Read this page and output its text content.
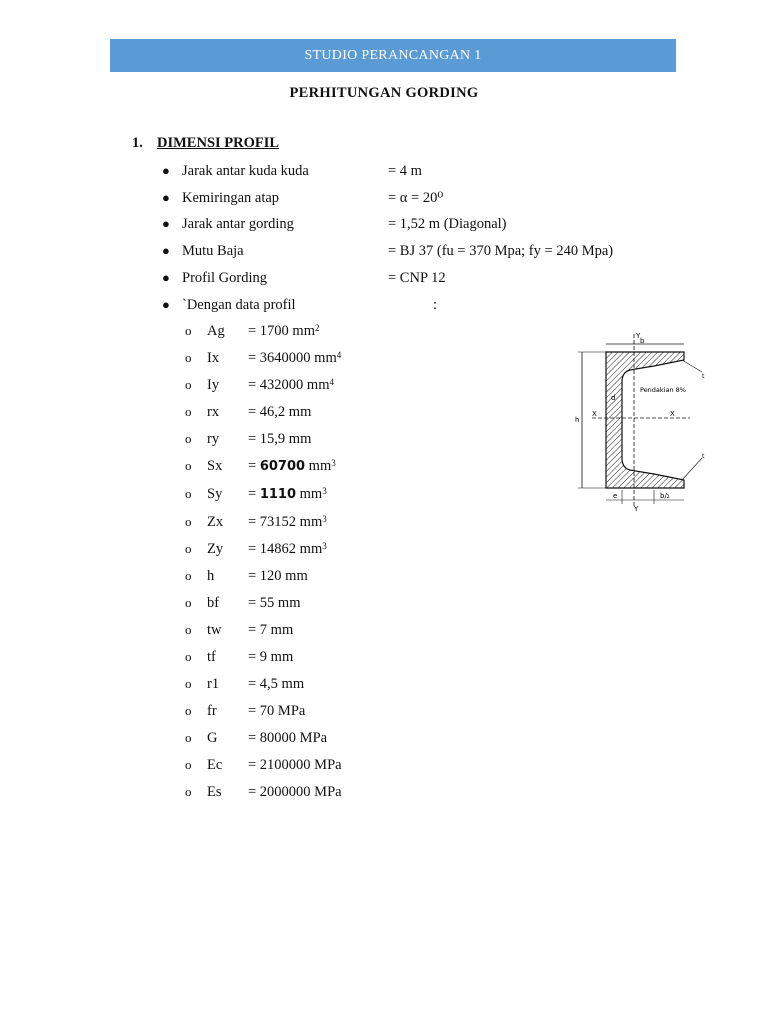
STUDIO PERANCANGAN 1
PERHITUNGAN GORDING
1. DIMENSI PROFIL
● Jarak antar kuda kuda	= 4 m
● Kemiringan atap	= α = 20⁰
● Jarak antar gording	= 1,52 m (Diagonal)
● Mutu Baja	= BJ 37 (fu = 370 Mpa; fy = 240 Mpa)
● Profil Gording	= CNP 12
● `Dengan data profil	:
o Ag = 1700 $mm^2$
o Ix = 3640000 $mm^4$
o Iy = 432000 $mm^4$
o rx = 46,2 mm
o ry = 15,9 mm
o Sx = 60700 $mm^3$
o Sy = 1110 $mm^3$
o Zx = 73152 $mm^3$
o Zy = 14862 $mm^3$
o h = 120 mm
o bf = 55 mm
o tw = 7 mm
o tf = 9 mm
o r1 = 4,5 mm
o fr = 70 MPa
o G = 80000 MPa
o Ec = 2100000 MPa
o Es = 2000000 MPa
Y
Y
X	X
b
h
d
e	b/₂
Pendakian 8%
t
t
